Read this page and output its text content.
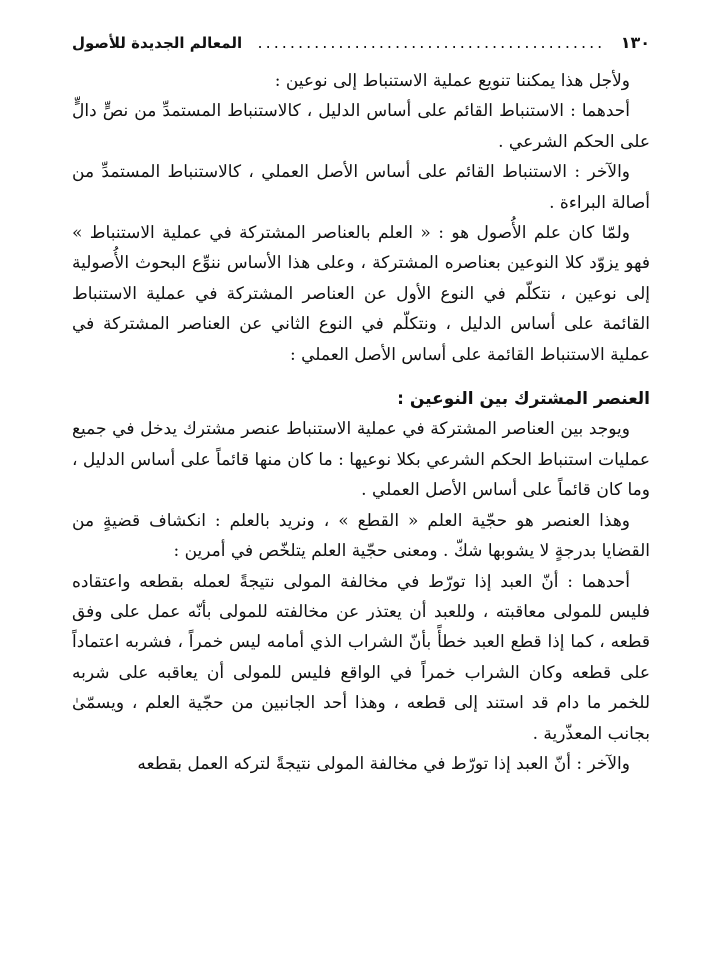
١٣٠
...........................................
المعالم الجديدة للأصول

ولأجل هذا يمكننا تنويع عملية الاستنباط إلى نوعين :

أحدهما : الاستنباط القائم على أساس الدليل ، كالاستنباط المستمدِّ من نصٍّ دالٍّ على الحكم الشرعي .

والآخر : الاستنباط القائم على أساس الأصل العملي ، كالاستنباط المستمدِّ من أصالة البراءة .

ولمّا كان علم الأُصول هو : « العلم بالعناصر المشتركة في عملية الاستنباط » فهو يزوّد كلا النوعين بعناصره المشتركة ، وعلى هذا الأساس ننوِّع البحوث الأُصولية إلى نوعين ، نتكلّم في النوع الأول عن العناصر المشتركة في عملية الاستنباط القائمة على أساس الدليل ، ونتكلّم في النوع الثاني عن العناصر المشتركة في عملية الاستنباط القائمة على أساس الأصل العملي :

العنصر المشترك بين النوعين :

ويوجد بين العناصر المشتركة في عملية الاستنباط عنصر مشترك يدخل في جميع عمليات استنباط الحكم الشرعي بكلا نوعيها : ما كان منها قائماً على أساس الدليل ، وما كان قائماً على أساس الأصل العملي .

وهذا العنصر هو حجّية العلم « القطع » ، ونريد بالعلم : انكشاف قضيةٍ من القضايا بدرجةٍ لا يشوبها شكّ . ومعنى حجّية العلم يتلخّص في أمرين :

أحدهما : أنّ العبد إذا تورّط في مخالفة المولى نتيجةً لعمله بقطعه واعتقاده فليس للمولى معاقبته ، وللعبد أن يعتذر عن مخالفته للمولى بأنّه عمل على وفق قطعه ، كما إذا قطع العبد خطأً بأنّ الشراب الذي أمامه ليس خمراً ، فشربه اعتماداً على قطعه وكان الشراب خمراً في الواقع فليس للمولى أن يعاقبه على شربه للخمر ما دام قد استند إلى قطعه ، وهذا أحد الجانبين من حجّية العلم ، ويسمّىٰ بجانب المعذّرية .

والآخر : أنّ العبد إذا تورّط في مخالفة المولى نتيجةً لتركه العمل بقطعه
